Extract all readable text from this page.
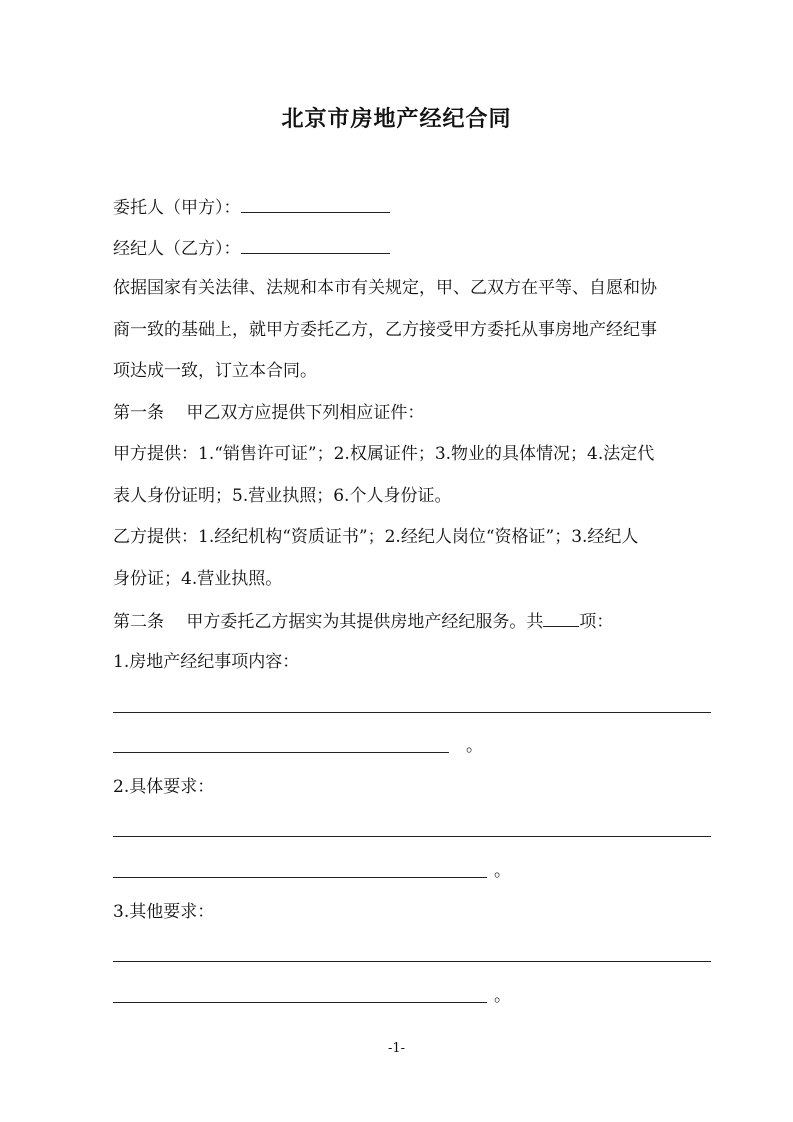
北京市房地产经纪合同
委托人（甲方）：
经纪人（乙方）：
依据国家有关法律、法规和本市有关规定，甲、乙双方在平等、自愿和协
商一致的基础上，就甲方委托乙方，乙方接受甲方委托从事房地产经纪事
项达成一致，订立本合同。
第一条　 甲乙双方应提供下列相应证件：
甲方提供：1.“销售许可证”；2.权属证件；3.物业的具体情况；4.法定代
表人身份证明；5.营业执照；6.个人身份证。
乙方提供：1.经纪机构“资质证书”；2.经纪人岗位“资格证”；3.经纪人
身份证；4.营业执照。
第二条　 甲方委托乙方据实为其提供房地产经纪服务。共 项：
1.房地产经纪事项内容：
。
2.具体要求：
。
3.其他要求：
。
-1-
